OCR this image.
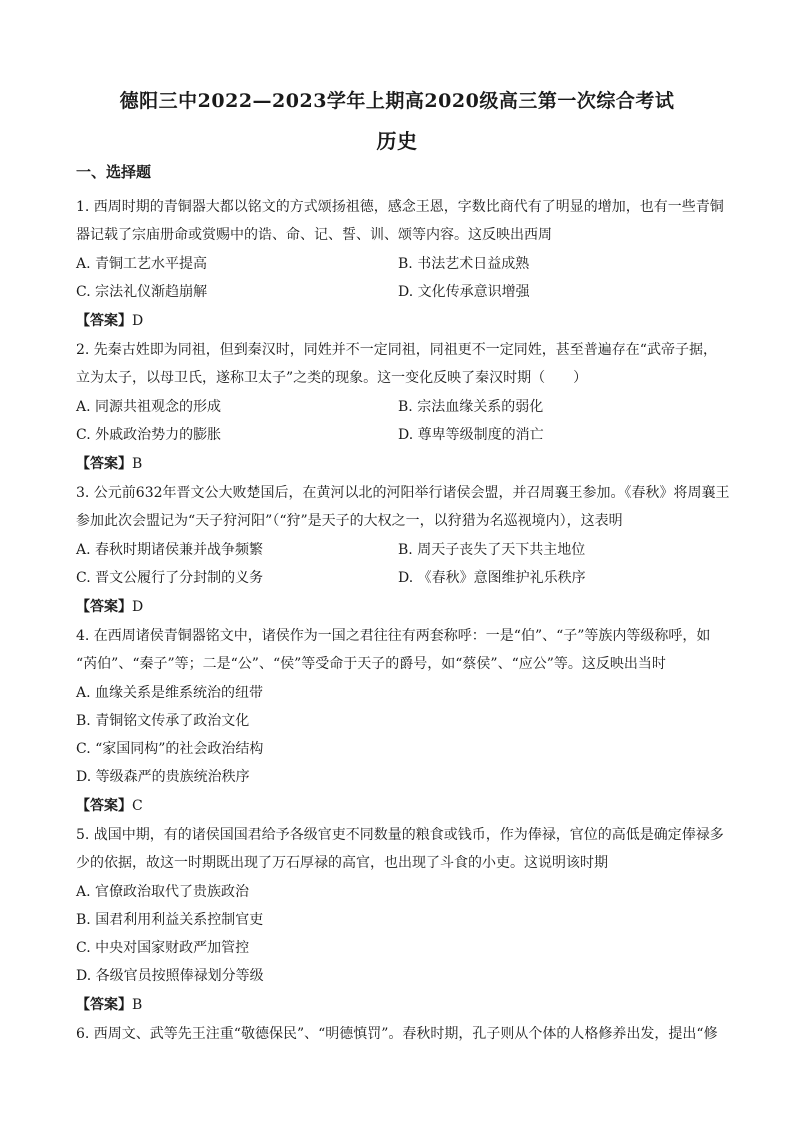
德阳三中2022—2023学年上期高2020级高三第一次综合考试
历史
一、选择题
1. 西周时期的青铜器大都以铭文的方式颂扬祖德，感念王恩，字数比商代有了明显的增加，也有一些青铜
器记载了宗庙册命或赏赐中的诰、命、记、誓、训、颂等内容。这反映出西周
A. 青铜工艺水平提高	B. 书法艺术日益成熟
C. 宗法礼仪渐趋崩解	D. 文化传承意识增强
【答案】D
2. 先秦古姓即为同祖，但到秦汉时，同姓并不一定同祖，同祖更不一定同姓，甚至普遍存在“武帝子据，
立为太子，以母卫氏，遂称卫太子”之类的现象。这一变化反映了秦汉时期（　　）
A. 同源共祖观念的形成	B. 宗法血缘关系的弱化
C. 外戚政治势力的膨胀	D. 尊卑等级制度的消亡
【答案】B
3. 公元前632年晋文公大败楚国后，在黄河以北的河阳举行诸侯会盟，并召周襄王参加。《春秋》将周襄王
参加此次会盟记为“天子狩河阳”（“狩”是天子的大权之一，以狩猎为名巡视境内），这表明
A. 春秋时期诸侯兼并战争频繁	B. 周天子丧失了天下共主地位
C. 晋文公履行了分封制的义务	D. 《春秋》意图维护礼乐秩序
【答案】D
4. 在西周诸侯青铜器铭文中，诸侯作为一国之君往往有两套称呼：一是“伯”、“子”等族内等级称呼，如
“芮伯”、“秦子”等；二是“公”、“侯”等受命于天子的爵号，如“蔡侯”、“应公”等。这反映出当时
A. 血缘关系是维系统治的纽带
B. 青铜铭文传承了政治文化
C. “家国同构”的社会政治结构
D. 等级森严的贵族统治秩序
【答案】C
5. 战国中期，有的诸侯国国君给予各级官吏不同数量的粮食或钱币，作为俸禄，官位的高低是确定俸禄多
少的依据，故这一时期既出现了万石厚禄的高官，也出现了斗食的小吏。这说明该时期
A. 官僚政治取代了贵族政治
B. 国君利用利益关系控制官吏
C. 中央对国家财政严加管控
D. 各级官员按照俸禄划分等级
【答案】B
6. 西周文、武等先王注重“敬德保民”、“明德慎罚”。春秋时期，孔子则从个体的人格修养出发，提出“修
